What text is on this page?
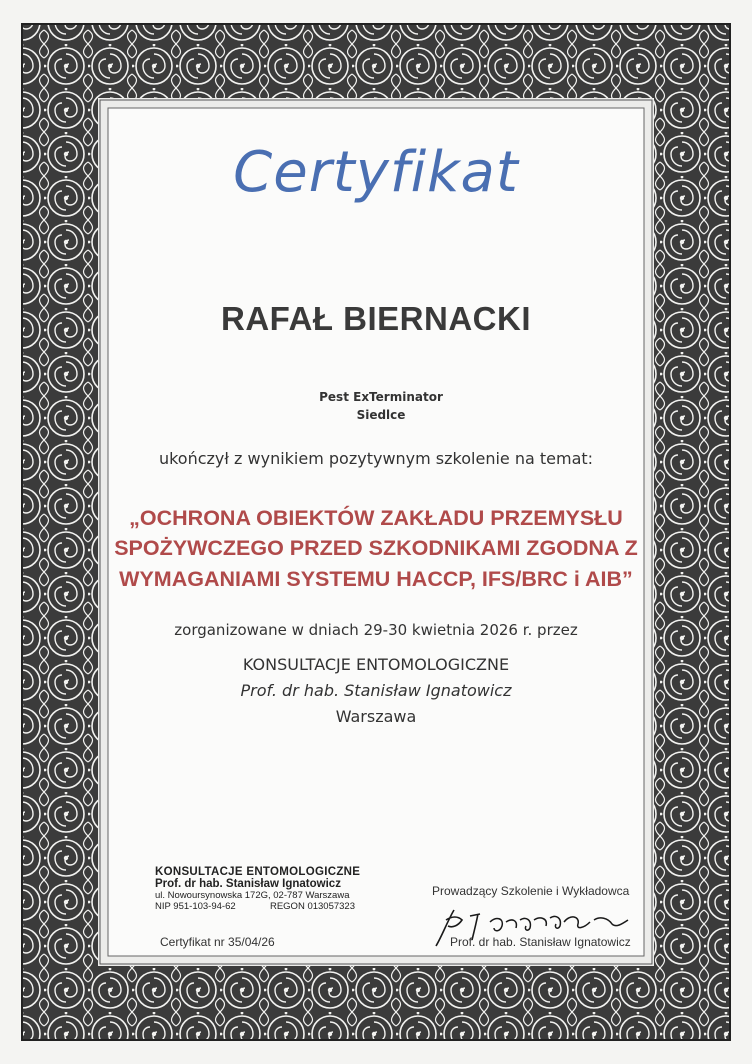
Certyfikat
RAFAŁ BIERNACKI
Pest ExTerminator
Siedlce
ukończył z wynikiem pozytywnym szkolenie na temat:
„OCHRONA OBIEKTÓW ZAKŁADU PRZEMYSŁU
SPOŻYWCZEGO PRZED SZKODNIKAMI ZGODNA Z
WYMAGANIAMI SYSTEMU HACCP, IFS/BRC i AIB”
zorganizowane w dniach 29-30 kwietnia 2026 r. przez
KONSULTACJE ENTOMOLOGICZNE
Prof. dr hab. Stanisław Ignatowicz
Warszawa
KONSULTACJE ENTOMOLOGICZNE
Prof. dr hab. Stanisław Ignatowicz
ul. Nowoursynowska 172G, 02-787 Warszawa
NIP 951-103-94-62	REGON 013057323
Certyfikat nr 35/04/26
Prowadzący Szkolenie i Wykładowca
Prof. dr hab. Stanisław Ignatowicz
